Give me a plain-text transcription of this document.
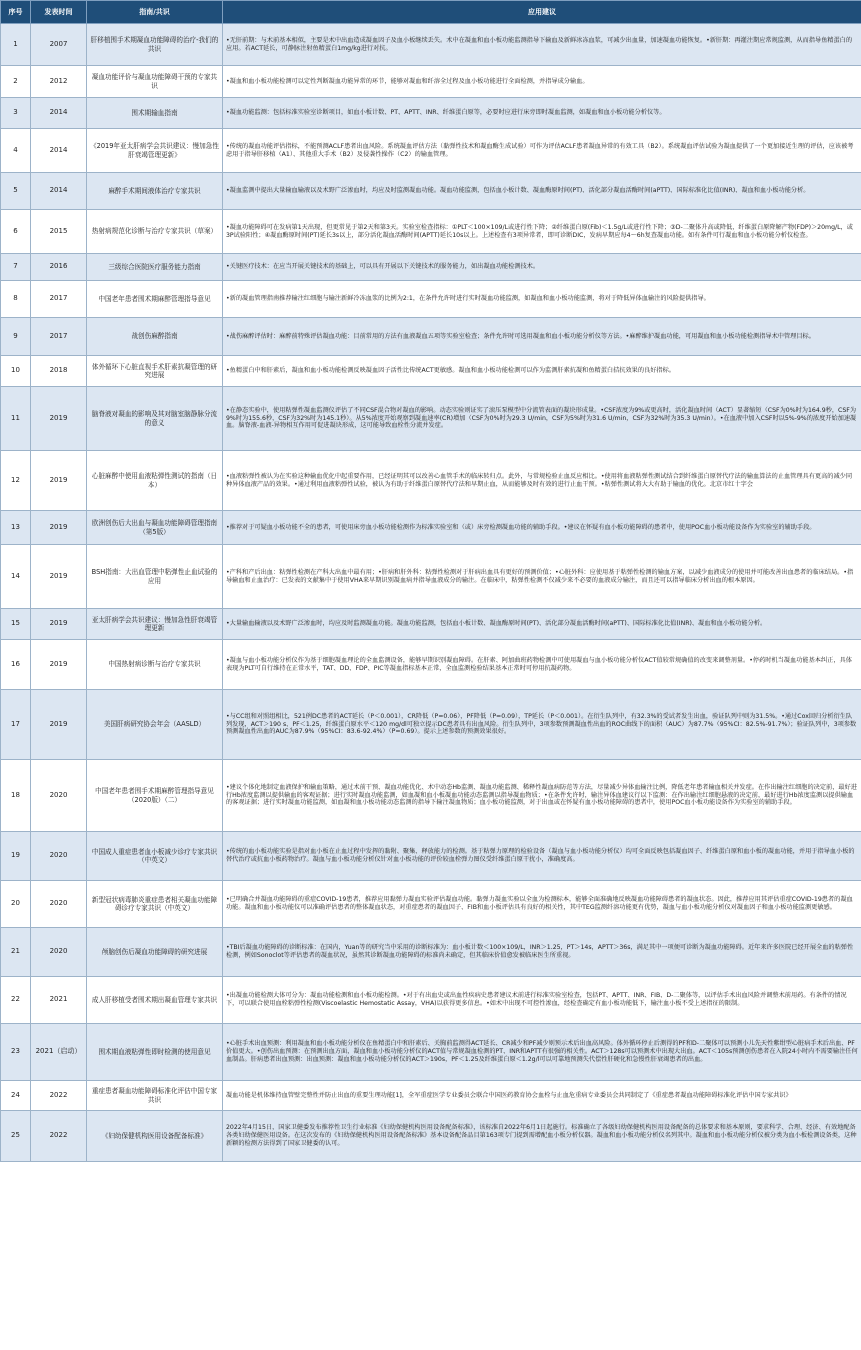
序号	发表时间	指南/共识	应用建议
1	2007	肝移植围手术期凝血功能障碍的治疗-我们的共识	•无肝前期：与术前基本相似，主要是术中出血造成凝血因子及血小板继续丢失。术中在凝血和血小板功能监测指导下输血及新鲜冰冻血浆，可减少出血量，加速凝血功能恢复。•新肝期：再灌注期应常规监测，从而指导鱼精蛋白的应用。若ACT延长，可静脉注射鱼精蛋白1mg/kg进行对抗。
2	2012	凝血功能评价与凝血功能障碍干预的专家共识	•凝血和血小板功能检测可以定性判断凝血功能异常的环节，能够对凝血和纤溶全过程及血小板功能进行全面检测，并指导成分输血。
3	2014	围术期输血指南	•凝血功能监测：包括标准实验室诊断项目，如血小板计数、PT、APTT、INR、纤维蛋白原等，必要时应进行床旁即时凝血监测，如凝血和血小板功能分析仪等。
4	2014	《2019年亚太肝病学会共识建议：慢加急性肝衰竭管理更新》	•传统的凝血功能评估指标，不能预测ACLF患者出血风险。系统凝血评估方法（黏弹性技术和凝血酶生成试验）可作为评估ACLF患者凝血异常的有效工具（B2）。系统凝血评估试验为凝血提供了一个更加接近生理的评估，应该被考虑用于指导肝移植（A1）、其他重大手术（B2）及侵袭性操作（C2）的输血管理。
5	2014	麻醉手术期间液体治疗专家共识	•凝血监测中提出大量输血输液以及术野广泛渗血时，均应及时监测凝血功能。凝血功能监测，包括血小板计数、凝血酶原时间(PT)、活化部分凝血活酶时间(aPTT)、国际标准化比值(INR)、凝血和血小板功能分析。
6	2015	热射病规范化诊断与治疗专家共识（草案）	•凝血功能障碍可在发病第1天出现，但更常见于第2天和第3天。实验室检查指标：①PLT＜100×109/L或进行性下降；②纤维蛋白原(Fib)＜1.5g/L或进行性下降；③D-二聚体升高或降低，纤维蛋白原降解产物(FDP)＞20mg/L，或3P试验阳性；④凝血酶原时间(PT)延长3s以上，部分活化凝血活酶时间(APTT)延长10s以上。上述检查有3项异常者，即可诊断DIC，发病早期应每4～6h复查凝血功能。如有条件可行凝血和血小板功能分析仪检查。
7	2016	三级综合医院医疗服务能力指南	•关键医疗技术：在应当开展关键技术的基础上，可以具有开展以下关键技术的服务能力，如出凝血功能检测技术。
8	2017	中国老年患者围术期麻醉管理指导意见	•新的凝血管理指南推荐输注红细胞与输注新鲜冷冻血浆的比例为2:1，在条件允许时进行实时凝血功能监测，如凝血和血小板功能监测，将对于降低异体血输注的风险提供指导。
9	2017	战创伤麻醉指南	•战伤麻醉评估时：麻醉前特殊评估凝血功能：目前常用的方法有血液凝血五项等实验室检查；条件允许时可选用凝血和血小板功能分析仪等方法。•麻醉维护凝血功能，可用凝血和血小板功能检测指导术中管理目标。
10	2018	体外循环下心脏直视手术肝素抗凝管理的研究进展	•鱼精蛋白中和肝素后，凝血和血小板功能检测反映凝血因子活性比传统ACT更敏感。凝血和血小板功能检测可以作为监测肝素抗凝和鱼精蛋白拮抗效果的良好指标。
11	2019	脑脊液对凝血的影响及其对脑室脑静脉分流的意义	•在静态实验中，使用粘弹性凝血监测仪评估了不同CSF混合物对凝血的影响。动态实验则证实了滚压泵模型中分流管表面的凝块形成量。•CSF浓度为9%或更高时，活化凝血时间（ACT）显著缩短（CSF为0%时为164.9秒，CSF为9%时为155.6秒，CSF为32%时为145.1秒）。从5%浓度开始观察到凝血速率(CR)增加（CSF为0%时为29.3 U/min，CSF为5%时为31.6 U/min，CSF为32%时为35.3 U/min）。•在血液中加入CSF时以5%-9%的浓度开始加速凝血。脑脊液-血液-异物相互作用可促进凝块形成，这可能导致血栓性分流并发症。
12	2019	心脏麻醉中使用血液粘弹性测试的指南（日本）	•血液粘弹性被认为在实验这种输血优化中起重要作用，已经证明其可以改善心血管手术的临床转归点。此外，与常规检验止血反应相比。•使用将血液粘弹性测试结合到纤维蛋白原替代疗法的输血算法的止血管理具有更高的减少同种异体血液产品的效果。•通过利用血液粘弹性试验，被认为有助于纤维蛋白原替代疗法和早期止血，从而能够及时有效的进行止血干预。•粘弹性测试将大大有助于输血的优化。北京市红十字会
13	2019	欧洲创伤后大出血与凝血功能障碍管理指南（第5版）	•推荐对于可疑血小板功能不全的患者，可使用床旁血小板功能检测作为标准实验室和（或）床旁检测凝血功能的辅助手段。•建议在怀疑有血小板功能障碍的患者中，使用POC血小板功能设备作为实验室的辅助手段。
14	2019	BSH指南：大出血管理中粘弹性止血试验的应用	•产科和产后出血：粘弹性检测在产科大出血中最有用；•肝病和肝外科：粘弹性检测对于肝病出血具有更好的预测价值；•心脏外科：应使用基于粘弹性检测的输血方案，以减少血液成分的使用并可能改善出血患者的临床结局。•指导输血和止血治疗：已发表的文献集中于使用VHA来早期识别凝血病并指导血液成分的输注。在临床中，粘弹性检测不仅减少来不必要的血液成分输注，而且还可以指导临床分析出血的根本原因。
15	2019	亚太肝病学会共识建议：慢加急性肝衰竭管理更新	•大量输血输液以及术野广泛渗血时，均应及时监测凝血功能。凝血功能监测，包括血小板计数、凝血酶原时间(PT)、活化部分凝血活酶时间(aPTT)、国际标准化比值(INR)、凝血和血小板功能分析。
16	2019	中国热射病诊断与治疗专家共识	•凝血与血小板功能分析仪作为基于细胞凝血理论的全血监测设备，能够早期识别凝血障碍。在肝素、阿加曲班药物检测中可使用凝血与血小板功能分析仪ACT值较常规确值的改变来调整剂量。•停药时机当凝血功能基本纠正，具体表现为PLT可自行维持在正常水平，TAT、DD、FDP、PIC等凝血指标基本正常，全血监测检验结果基本正常时可停用抗凝药物。
17	2019	美国肝病研究协会年会（AASLD）	•与CC组和对照组相比，521例DC患者的ACT延长（P＜0.001），CR降低（P=0.06），PF降低（P=0.09），TP延长（P＜0.001）。在衍生队列中，有32.3%的受试者发生出血，验证队列中则为31.5%。•通过Cox回归分析衍生队列发现，ACT＞190 s、PF＜1.25，纤维蛋白原水平＜120 mg/dl可独立提示DC患者具有出血风险。衍生队列中，3项参数预测凝血性出血的ROC曲线下的面积（AUC）为87.7%（95%CI：82.5%-91.7%）；验证队列中，3项参数预测凝血性出血的AUC为87.9%（95%CI：83.6-92.4%）（P=0.69）。提示上述参数的预测效果很好。
18	2020	中国老年患者围手术期麻醉管理指导意见（2020版）（二）	•建议个体化地制定血液保护和输血策略，通过术前干预、凝血功能优化、术中动态Hb监测、凝血功能监测、稀释性凝血病防范等方法，尽量减少异体血输注比例，降低老年患者输血相关并发症。在作出输注红细胞的决定前，最好进行Hb浓度监测以提供输血的客观证据；进行实时凝血功能监测，如血凝和血小板凝血功能动态监测以指导凝血物质；•在条件允许时，输注异体血建议行以下监测：在作出输注红细胞悬液的决定前，最好进行Hb浓度监测以提供输血的客观证据；进行实时凝血功能监测，如血凝和血小板功能动态监测的指导下输注凝血物质；血小板功能监测，对于出血或在怀疑有血小板功能障碍的患者中，使用POC血小板功能设备作为实验室的辅助手段。
19	2020	中国成人重症患者血小板减少诊疗专家共识（中英文）	•传统的血小板功能实验是指对血小板在止血过程中发挥的黏附、聚集、释放能力的检测。基于粘弹力原理的检验设备（凝血与血小板功能分析仪）均可全面反映包括凝血因子、纤维蛋白原和血小板的凝血功能，并用于指导血小板的替代治疗或抗血小板药物治疗。凝血与血小板功能分析仪针对血小板功能的评价较血栓弹力图仪受纤维蛋白原干扰小，准确度高。
20	2020	新型冠状病毒肺炎重症患者相关凝血功能障碍诊疗专家共识（中英文）	•已明确合并凝血功能障碍的重症COVID-19患者，推荐应用黏弹力凝血实验评估凝血功能。黏弹力凝血实验以全血为检测标本，能够全面准确地反映凝血功能障碍患者的凝血状态。因此，推荐应用其评估重症COVID-19患者的凝血功能。凝血和血小板功能仪可以准确评估患者的整体凝血状态，对重症患者的凝血因子、FIB和血小板评估具有良好的相关性，其中TEG监测纤溶功能更有优势，凝血与血小板功能分析仪对凝血因子和血小板功能监测更敏感。
21	2020	颅脑创伤后凝血功能障碍的研究进展	•TBI后凝血功能障碍的诊断标准：在国内，Yuan等的研究当中采用的诊断标准为：血小板计数＜100×109/L，INR＞1.25，PT＞14s，APTT＞36s，满足其中一项便可诊断为凝血功能障碍。近年来许多医院已经开展全血的粘弹性检测，例如Sonoclot等评估患者的凝血状况，虽然其诊断凝血功能障碍的标准尚未确定，但其临床价值愈发被临床医生所重视。
22	2021	成人肝移植受者围术期出凝血管理专家共识	•出凝血功能检测大体可分为：凝血功能检测和血小板功能检测。•对于有出血史或出血性疾病史患者建议术前进行标准实验室检查，包括PT、APTT、INR、FIB、D-二聚体等，以评估手术出血风险并调整术前用药。有条件的情况下，可以联合使用血栓粘弹性检测(Viscoelastic Hemostatic Assay，VHA)以获得更多信息。•如术中出现不可控性渗血，经检查确定有血小板功能低下，输注血小板不受上述指征的限制。
23	2021（启动）	围术期血液粘弹性即时检测的使用意见	•心脏手术出血预测：利用凝血和血小板功能分析仪在鱼精蛋白中和肝素后、关胸前监测得ACT延长、CR减少和PF减少则预示术后出血高风险。体外循环停止后测得的PF和D-二聚体可以预测小儿先天性紫绀型心脏病手术后出血、PF价值更大。•创伤出血预测：在预测出血方面，凝血和血小板功能分析仪的ACT值与常规凝血检测的PT、INR和APTT有很强的相关性。ACT＞128s可以预测术中出现大出血。ACT＜105s预测创伤患者在入院24小时内不需要输注任何血制品。肝病患者出血预测：出血预测：凝血和血小板功能分析仪的ACT＞190s，PF＜1.25及纤维蛋白原＜1.2g/l可以可靠地预测失代偿性肝硬化和急慢性肝衰竭患者的出血。
24	2022	重症患者凝血功能障碍标准化评估中国专家共识	凝血功能是机体维持血管壁完整性并防止出血的重要生理功能[1]，全军重症医学专业委员会联合中国医药教育协会血栓与止血危重病专业委员会共同制定了《重症患者凝血功能障碍标准化评估中国专家共识》
25	2022	《妇幼保健机构医用设备配备标准》	2022年4月15日，国家卫健委发布推荐性卫生行业标准《妇幼保健机构医用设备配备标准》，该标准自2022年6月1日起施行。标准确立了各级妇幼保健机构医用设备配备的总体要求和基本原则，要求科学、合理、经济、有效地配备各类妇幼保健医用设备。在这次发布的《妇幼保健机构医用设备配备标准》基本设备配备品目第163项专门提到需增配血小板分析仪器。凝血和血小板功能分析仪名列其中。凝血和血小板功能分析仪被分类为血小板检测设备类，这种新颖的检测方法得到了国家卫健委的认可。
